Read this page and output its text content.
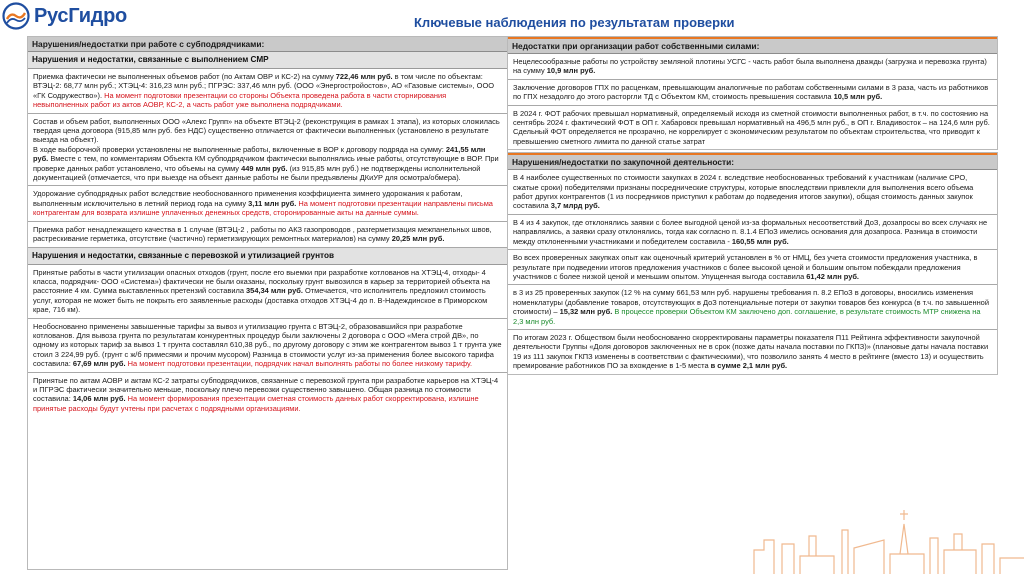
РусГидро	Ключевые наблюдения по результатам проверки
Нарушения/недостатки при работе с субподрядчиками:
Нарушения и недостатки, связанные с выполнением СМР
Приемка фактически не выполненных объемов работ (по Актам ОВР и КС-2) на сумму 722,46 млн руб. в том числе по объектам: ВТЭЦ-2: 68,77 млн руб.; ХТЭЦ-4: 316,23 млн руб.; ПГРЭС: 337,46 млн руб. (ООО «Энергостройостов», АО «Газовые системы», ООО «ГК Содружество»). На момент подготовки презентации со стороны Объекта проведена работа в части сторнирования невыполненных работ из актов АОВР, КС-2, а часть работ уже выполнена подрядчиками.
Состав и объем работ, выполненных ООО «Алекс Групп» на объекте ВТЭЦ-2 (реконструкция в рамках 1 этапа), из которых сложилась твердая цена договора (915,85 млн руб. без НДС) существенно отличается от фактически выполненных (установлено в результате выезда на объект).
В ходе выборочной проверки установлены не выполненные работы, включенные в ВОР к договору подряда на сумму: 241,55 млн руб. Вместе с тем, по комментариям Объекта КМ субподрядчиком фактически выполнялись иные работы, отсутствующие в ВОР. При проверке данных работ установлено, что объемы на сумму 449 млн руб. (из 915,85 млн руб.) не подтверждены исполнительной документацией (отмечается, что при выезде на объект данные работы не были предъявлены ДКиУР для осмотра/обмера).
Удорожание субподрядных работ вследствие необоснованного применения коэффициента зимнего удорожания к работам, выполненным исключительно в летний период года на сумму 3,11 млн руб. На момент подготовки презентации направлены письма контрагентам для возврата излишне уплаченных денежных средств, сторонированные акты на данные суммы.
Приемка работ ненадлежащего качества в 1 случае (ВТЭЦ-2 , работы по АКЗ газопроводов , разгерметизация межпанельных швов, растрескивание герметика, отсутствие (частично) герметизирующих ремонтных материалов) на сумму 20,25 млн руб.
Нарушения и недостатки, связанные с перевозкой и утилизацией грунтов
Принятые работы в части утилизации опасных отходов (грунт, после его выемки при разработке котлованов на ХТЭЦ-4, отходы- 4 класса, подрядчик- ООО «Система») фактически не были оказаны, поскольку грунт вывозился в карьер за территорией объекта на расстояние 4 км. Сумма выставленных претензий составила 354,34 млн руб. Отмечается, что исполнитель предложил стоимость услуг, которая не может быть не покрыть его заявленные расходы (доставка отходов ХТЭЦ-4 до п. В-Надеждинское в Приморском крае, 716 км).
Необоснованно применены завышенные тарифы за вывоз и утилизацию грунта с ВТЭЦ-2, образовавшийся при разработке котлованов. Для вывоза грунта по результатам конкурентных процедур были заключены 2 договора с ООО «Мега строй ДВ», по одному из которых тариф за вывоз 1 т грунта составлял 610,38 руб., по другому договору с этим же контрагентом вывоз 1 т грунта уже стоил 3 224,99 руб. (грунт с ж/б примесями и прочим мусором) Разница в стоимости услуг из-за применения более высокого тарифа составила: 67,69 млн руб. На момент подготовки презентации, подрядчик начал выполнять работы по более низкому тарифу.
Принятые по актам АОВР и актам КС-2 затраты субподрядчиков, связанные с перевозкой грунта при разработке карьеров на ХТЭЦ-4 и ПГРЭС фактически значительно меньше, поскольку плечо перевозки существенно завышено. Общая разница по стоимости составила: 14,06 млн руб. На момент формирования презентации сметная стоимость данных работ скорректирована, излишне принятые расходы будут учтены при расчетах с подрядными организациями.
Недостатки при организации работ собственными силами:
Нецелесообразные работы по устройству земляной плотины УСГС - часть работ была выполнена дважды (загрузка и перевозка грунта) на сумму 10,9 млн руб.
Заключение договоров ГПХ по расценкам, превышающим аналогичные по работам собственными силами в 3 раза, часть из работников по ГПХ незадолго до этого расторгли ТД с Объектом КМ, стоимость превышения составила 10,5 млн руб.
В 2024 г. ФОТ рабочих превышал нормативный, определяемый исходя из сметной стоимости выполненных работ, в т.ч. по состоянию на сентябрь 2024 г. фактический ФОТ в ОП г. Хабаровск превышал нормативный на 496,5 млн руб., в ОП г. Владивосток – на 124,6 млн руб.
Сдельный ФОТ определяется не прозрачно, не коррелирует с экономическим результатом по объектам строительства, что приводит к превышению сметного лимита по данной статье затрат
Нарушения/недостатки по закупочной деятельности:
В 4 наиболее существенных по стоимости закупках в 2024 г. вследствие необоснованных требований к участникам (наличие СРО, сжатые сроки) победителями признаны посреднические структуры, которые впоследствии привлекли для выполнения всего объема работ других контрагентов (1 из посредников приступил к работам до подведения итогов закупки), общая стоимость данных закупок составила 3,7 млрд руб.
В 4 из 4 закупок, где отклонялись заявки с более выгодной ценой из-за формальных несоответствий ДоЗ, дозапросы во всех случаях не направлялись, а заявки сразу отклонялись, тогда как согласно п. 8.1.4 ЕПоЗ имелись основания для дозапроса. Разница в стоимости между отклоненными участниками и победителем составила - 160,55 млн руб.
Во всех проверенных закупках опыт как оценочный критерий установлен в % от НМЦ, без учета стоимости предложения участника, в результате при подведении итогов предложения участников с более высокой ценой и большим опытом побеждали предложения участников с более низкой ценой и меньшим опытом. Упущенная выгода составила 61,42 млн руб.
в 3 из 25 проверенных закупок (12 % на сумму 661,53 млн руб. нарушены требования п. 8.2 ЕПоЗ в договоры, вносились изменения номенклатуры (добавление товаров, отсутствующих в ДоЗ потенциальные потери от закупки товаров без конкурса (в т.ч. по завышенной стоимости) – 15,32 млн руб. В процессе проверки Объектом КМ заключено доп. соглашение, в результате стоимость МТР снижена на 2,3 млн руб.
По итогам 2023 г. Обществом были необоснованно скорректированы параметры показателя П11 Рейтинга эффективности закупочной деятельности Группы «Доля договоров заключенных не в срок (позже даты начала поставки по ГКПЗ)» (плановые даты начала поставки 19 из 111 закупок ГКПЗ изменены в соответствии с фактическими), что позволило занять 4 место в рейтинге (вместо 13) и осуществить премирование работников ПО за вхождение в 1-5 места в сумме 2,1 млн руб.
